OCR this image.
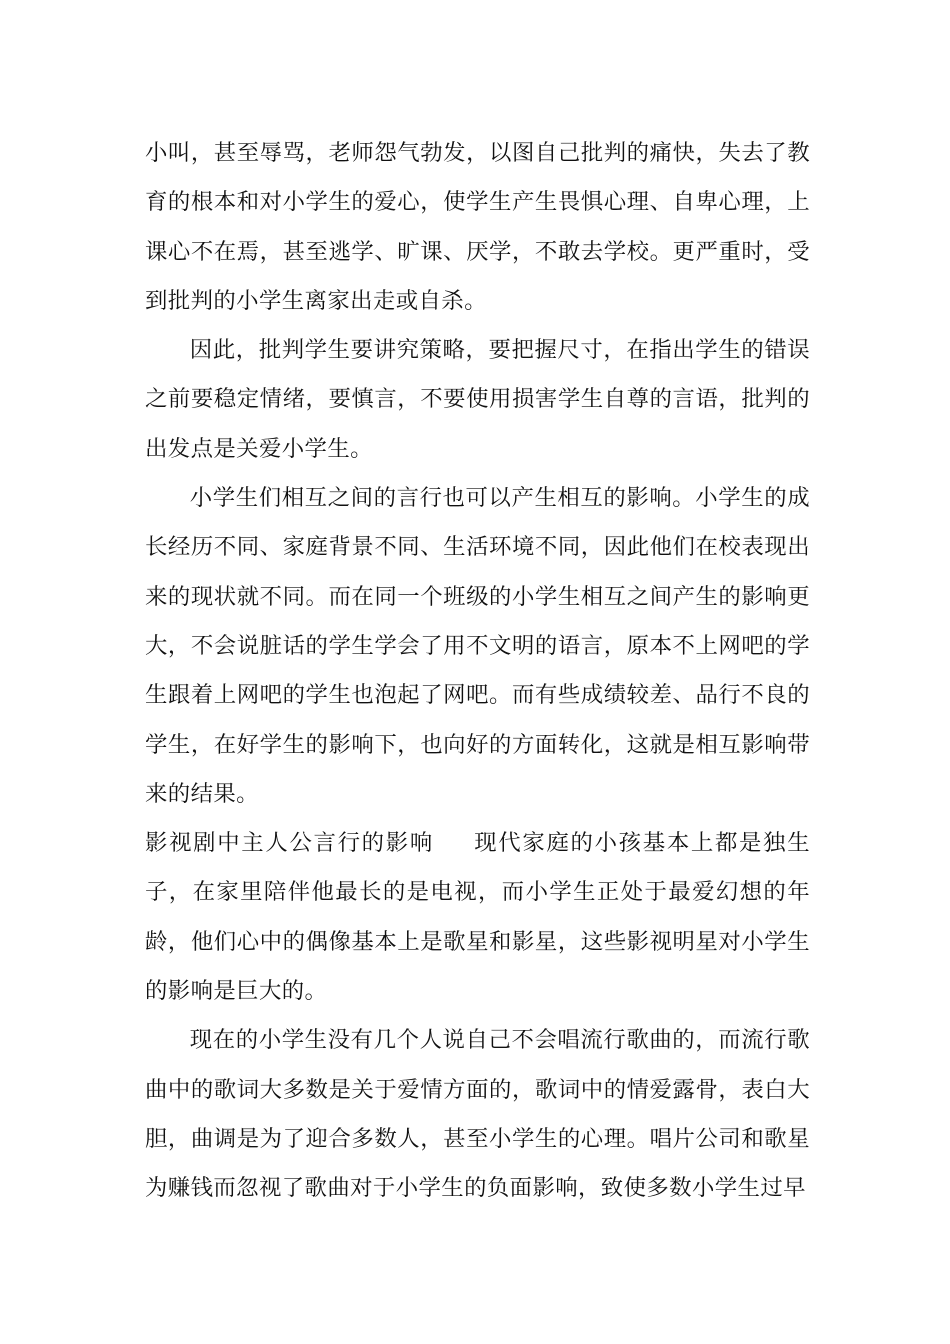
小叫，甚至辱骂，老师怨气勃发，以图自己批判的痛快，失去了教育的根本和对小学生的爱心，使学生产生畏惧心理、自卑心理，上课心不在焉，甚至逃学、旷课、厌学，不敢去学校。更严重时，受到批判的小学生离家出走或自杀。

因此，批判学生要讲究策略，要把握尺寸，在指出学生的错误之前要稳定情绪，要慎言，不要使用损害学生自尊的言语，批判的出发点是关爱小学生。

小学生们相互之间的言行也可以产生相互的影响。小学生的成长经历不同、家庭背景不同、生活环境不同，因此他们在校表现出来的现状就不同。而在同一个班级的小学生相互之间产生的影响更大，不会说脏话的学生学会了用不文明的语言，原本不上网吧的学生跟着上网吧的学生也泡起了网吧。而有些成绩较差、品行不良的学生，在好学生的影响下，也向好的方面转化，这就是相互影响带来的结果。

影视剧中主人公言行的影响 现代家庭的小孩基本上都是独生子，在家里陪伴他最长的是电视，而小学生正处于最爱幻想的年龄，他们心中的偶像基本上是歌星和影星，这些影视明星对小学生的影响是巨大的。

现在的小学生没有几个人说自己不会唱流行歌曲的，而流行歌曲中的歌词大多数是关于爱情方面的，歌词中的情爱露骨，表白大胆，曲调是为了迎合多数人，甚至小学生的心理。唱片公司和歌星为赚钱而忽视了歌曲对于小学生的负面影响，致使多数小学生过早
